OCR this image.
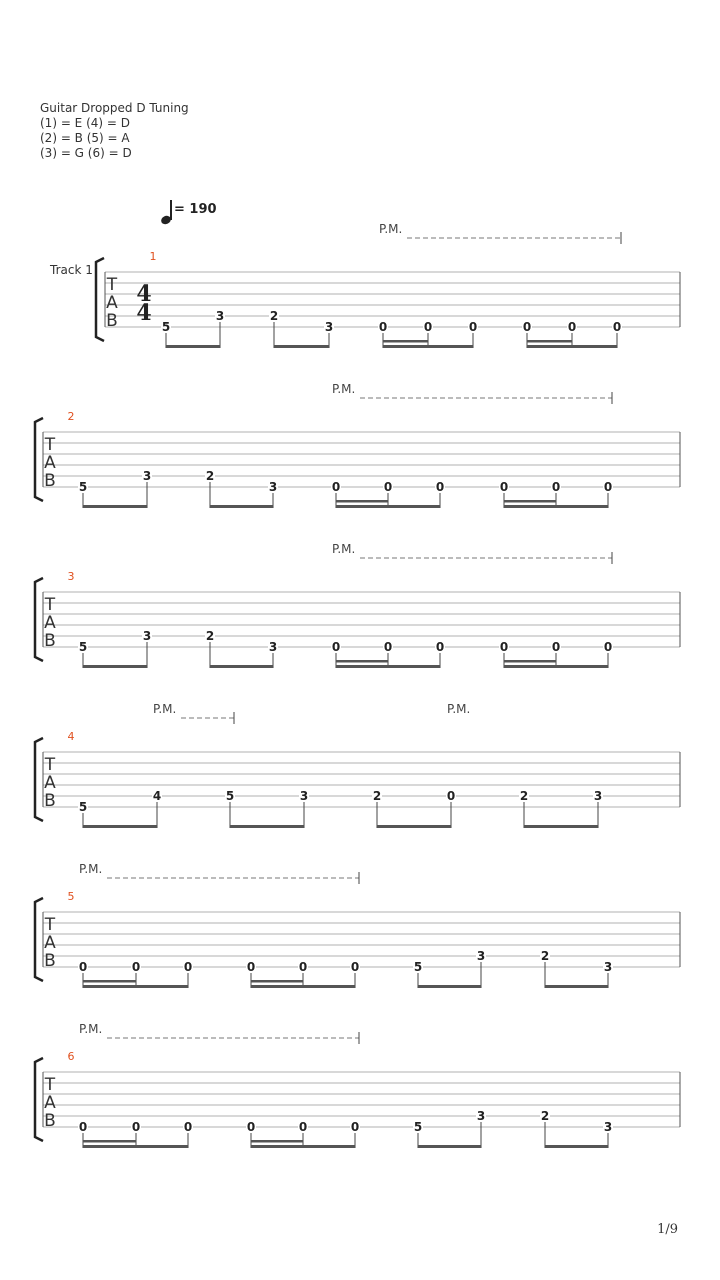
Guitar Dropped D Tuning
(1) = E (4) = D
(2) = B (5) = A
(3) = G (6) = D
= 190
T
A
B
4
4
Track 1
1
5
3	2
3	0	0	0	0	0	0
P.M.
T
A
B
2
5
3	2
3	0	0	0	0	0	0
P.M.
T
A
B
3
5
3	2
3	0	0	0	0	0	0
P.M.
T
A
B
4
5
4	5	3	2	0	2	3
P.M.	P.M.
T
A
B
5
0	0	0	0	0	0	5
3	2
3
P.M.
T
A
B
6
0	0	0	0	0	0	5
3	2
3
P.M.
1/9
